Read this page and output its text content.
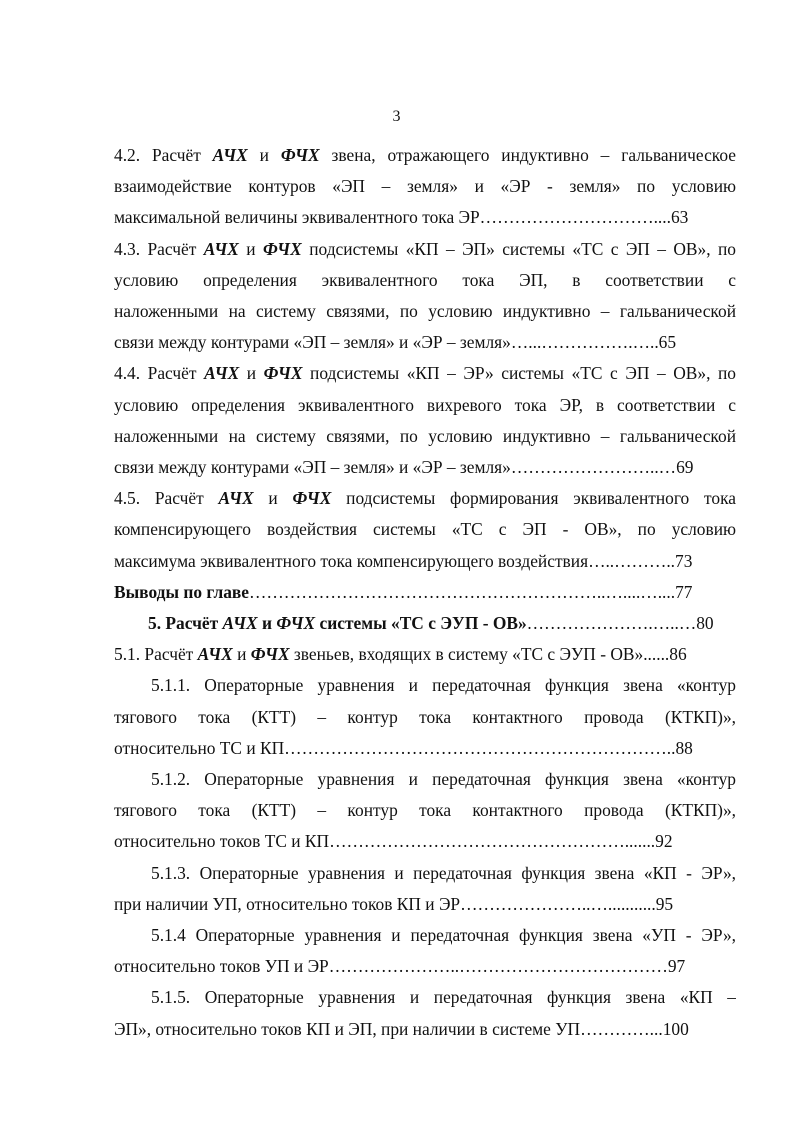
3
4.2. Расчёт АЧХ и ФЧХ звена, отражающего индуктивно – гальваническое
взаимодействие контуров «ЭП – земля» и «ЭР - земля» по условию
максимальной величины эквивалентного тока ЭР…………………………....63
4.3. Расчёт АЧХ и ФЧХ подсистемы «КП – ЭП» системы «ТС с ЭП – ОВ», по
условию определения эквивалентного тока ЭП, в соответствии с
наложенными на систему связями, по условию индуктивно – гальванической
связи между контурами «ЭП – земля» и «ЭР – земля»…...…………….…..65
4.4. Расчёт АЧХ и ФЧХ подсистемы «КП – ЭР» системы «ТС с ЭП – ОВ», по
условию определения эквивалентного вихревого тока ЭР, в соответствии с
наложенными на систему связями, по условию индуктивно – гальванической
связи между контурами «ЭП – земля» и «ЭР – земля»……………………..…69
4.5. Расчёт АЧХ и ФЧХ подсистемы формирования эквивалентного тока
компенсирующего воздействия системы «ТС с ЭП - ОВ», по условию
максимума эквивалентного тока компенсирующего воздействия…..………..73
Выводы по главе……………………………………………………..…....…....77
5. Расчёт АЧХ и ФЧХ системы «ТС с ЭУП - ОВ»………………….…..…80
5.1. Расчёт АЧХ и ФЧХ звеньев, входящих в систему «ТС с ЭУП - ОВ»......86
5.1.1. Операторные уравнения и передаточная функция звена «контур
тягового тока (КТТ) – контур тока контактного провода (КТКП)»,
относительно ТС и КП…………………………………………………………..88
5.1.2. Операторные уравнения и передаточная функция звена «контур
тягового тока (КТТ) – контур тока контактного провода (КТКП)»,
относительно токов ТС и КП…………………………………………….......92
5.1.3. Операторные уравнения и передаточная функция звена «КП - ЭР»,
при наличии УП, относительно токов КП и ЭР…………………..…...........95
5.1.4 Операторные уравнения и передаточная функция звена «УП - ЭР»,
относительно токов УП и ЭР…………………..………………………………97
5.1.5. Операторные уравнения и передаточная функция звена «КП –
ЭП», относительно токов КП и ЭП, при наличии в системе УП…………...100
